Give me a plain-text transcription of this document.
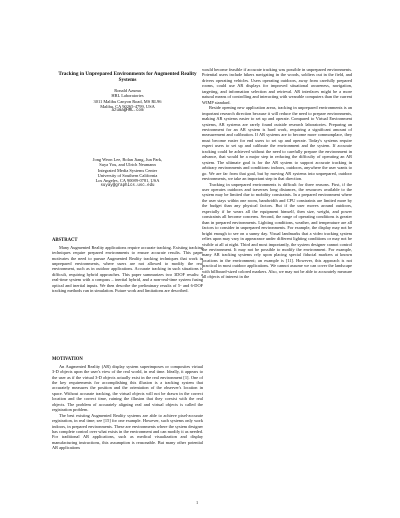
Tracking in Unprepared Environments for Augmented Reality Systems
Ronald Azuma
HRL Laboratories
3011 Malibu Canyon Road, MS RL96
Malibu, CA 90265-4799, USA
azuma@HRL.com
Jong Weon Lee, Bolan Jiang, Jun Park,
Suya You, and Ulrich Neumann
Integrated Media Systems Center
University of Southern California
Los Angeles, CA 90089-0781, USA
suyay@graphics.usc.edu
ABSTRACT

Many Augmented Reality applications require accurate tracking. Existing tracking techniques require prepared environments to ensure accurate results. This paper motivates the need to pursue Augmented Reality tracking techniques that work in unprepared environments, where users are not allowed to modify the real environment, such as in outdoor applications. Accurate tracking in such situations is difficult, requiring hybrid approaches. This paper summarizes two 3DOF results: a real-time system with a compass – inertial hybrid, and a non-real-time system fusing optical and inertial inputs. We then describe the preliminary results of 5- and 6-DOF tracking methods run in simulation. Future work and limitations are described.

MOTIVATION

An Augmented Reality (AR) display system superimposes or composites virtual 3-D objects upon the user's view of the real world, in real time. Ideally, it appears to the user as if the virtual 3-D objects actually exist in the real environment [1]. One of the key requirements for accomplishing this illusion is a tracking system that accurately measures the position and the orientation of the observer's location in space. Without accurate tracking, the virtual objects will not be drawn in the correct location and the correct time, ruining the illusion that they coexist with the real objects. The problem of accurately aligning real and virtual objects is called the registration problem.

The best existing Augmented Reality systems are able to achieve pixel-accurate registration, in real time; see [15] for one example. However, such systems only work indoors, in prepared environments. These are environments where the system designer has complete control over what exists in the environment and can modify it as needed. For traditional AR applications, such as medical visualization and display manufacturing instructions, this assumption is reasonable. But many other potential AR applications

would become feasible if accurate tracking was possible in unprepared environments. Potential users include hikers navigating in the woods, soldiers out in the field, and drivers operating vehicles. Users operating outdoors, away from carefully prepared rooms, could use AR displays for improved situational awareness, navigation, targeting, and information selection and retrieval. AR interfaces might be a more natural means of controlling and interacting with wearable computers than the current WIMP standard.

Beside opening new application areas, tracking in unprepared environments is an important research direction because it will reduce the need to prepare environments, making AR systems easier to set up and operate. Compared to Virtual Environment systems, AR systems are rarely found outside research laboratories. Preparing an environment for an AR system is hard work, requiring a significant amount of measurement and calibration. If AR systems are to become more commonplace, they must become easier for end users to set up and operate. Today's systems require expert users to set up and calibrate the environment and the system. If accurate tracking could be achieved without the need to carefully prepare the environment in advance, that would be a major step in reducing the difficulty of operating an AR system. The ultimate goal is for the AR system to support accurate tracking in arbitrary environments and conditions: indoors, outdoors, anywhere the user wants to go. We are far from that goal, but by moving AR systems into unprepared, outdoor environments, we take an important step in that direction.

Tracking in unprepared environments is difficult for three reasons. First, if the user operates outdoors and traverses long distances, the resources available to the system may be limited due to mobility constraints. In a prepared environment where the user stays within one room, bandwidth and CPU constraints are limited more by the budget than any physical factors. But if the user moves around outdoors, especially if he wears all the equipment himself, then size, weight, and power constraints all become concerns. Second, the range of operating conditions is greater than in prepared environments. Lighting conditions, weather, and temperature are all factors to consider in unprepared environments. For example, the display may not be bright enough to see on a sunny day. Visual landmarks that a video tracking system relies upon may vary in appearance under different lighting conditions or may not be visible at all at night. Third and most importantly, the system designer cannot control the environment. It may not be possible to modify the environment. For example, many AR tracking systems rely upon placing special fiducial markers at known locations in the environment; an example is [11]. However, this approach is not practical in most outdoor applications. We cannot assume we can cover the landscape with billboard-sized colored markers. Also, we may not be able to accurately measure all objects of interest in the

1
